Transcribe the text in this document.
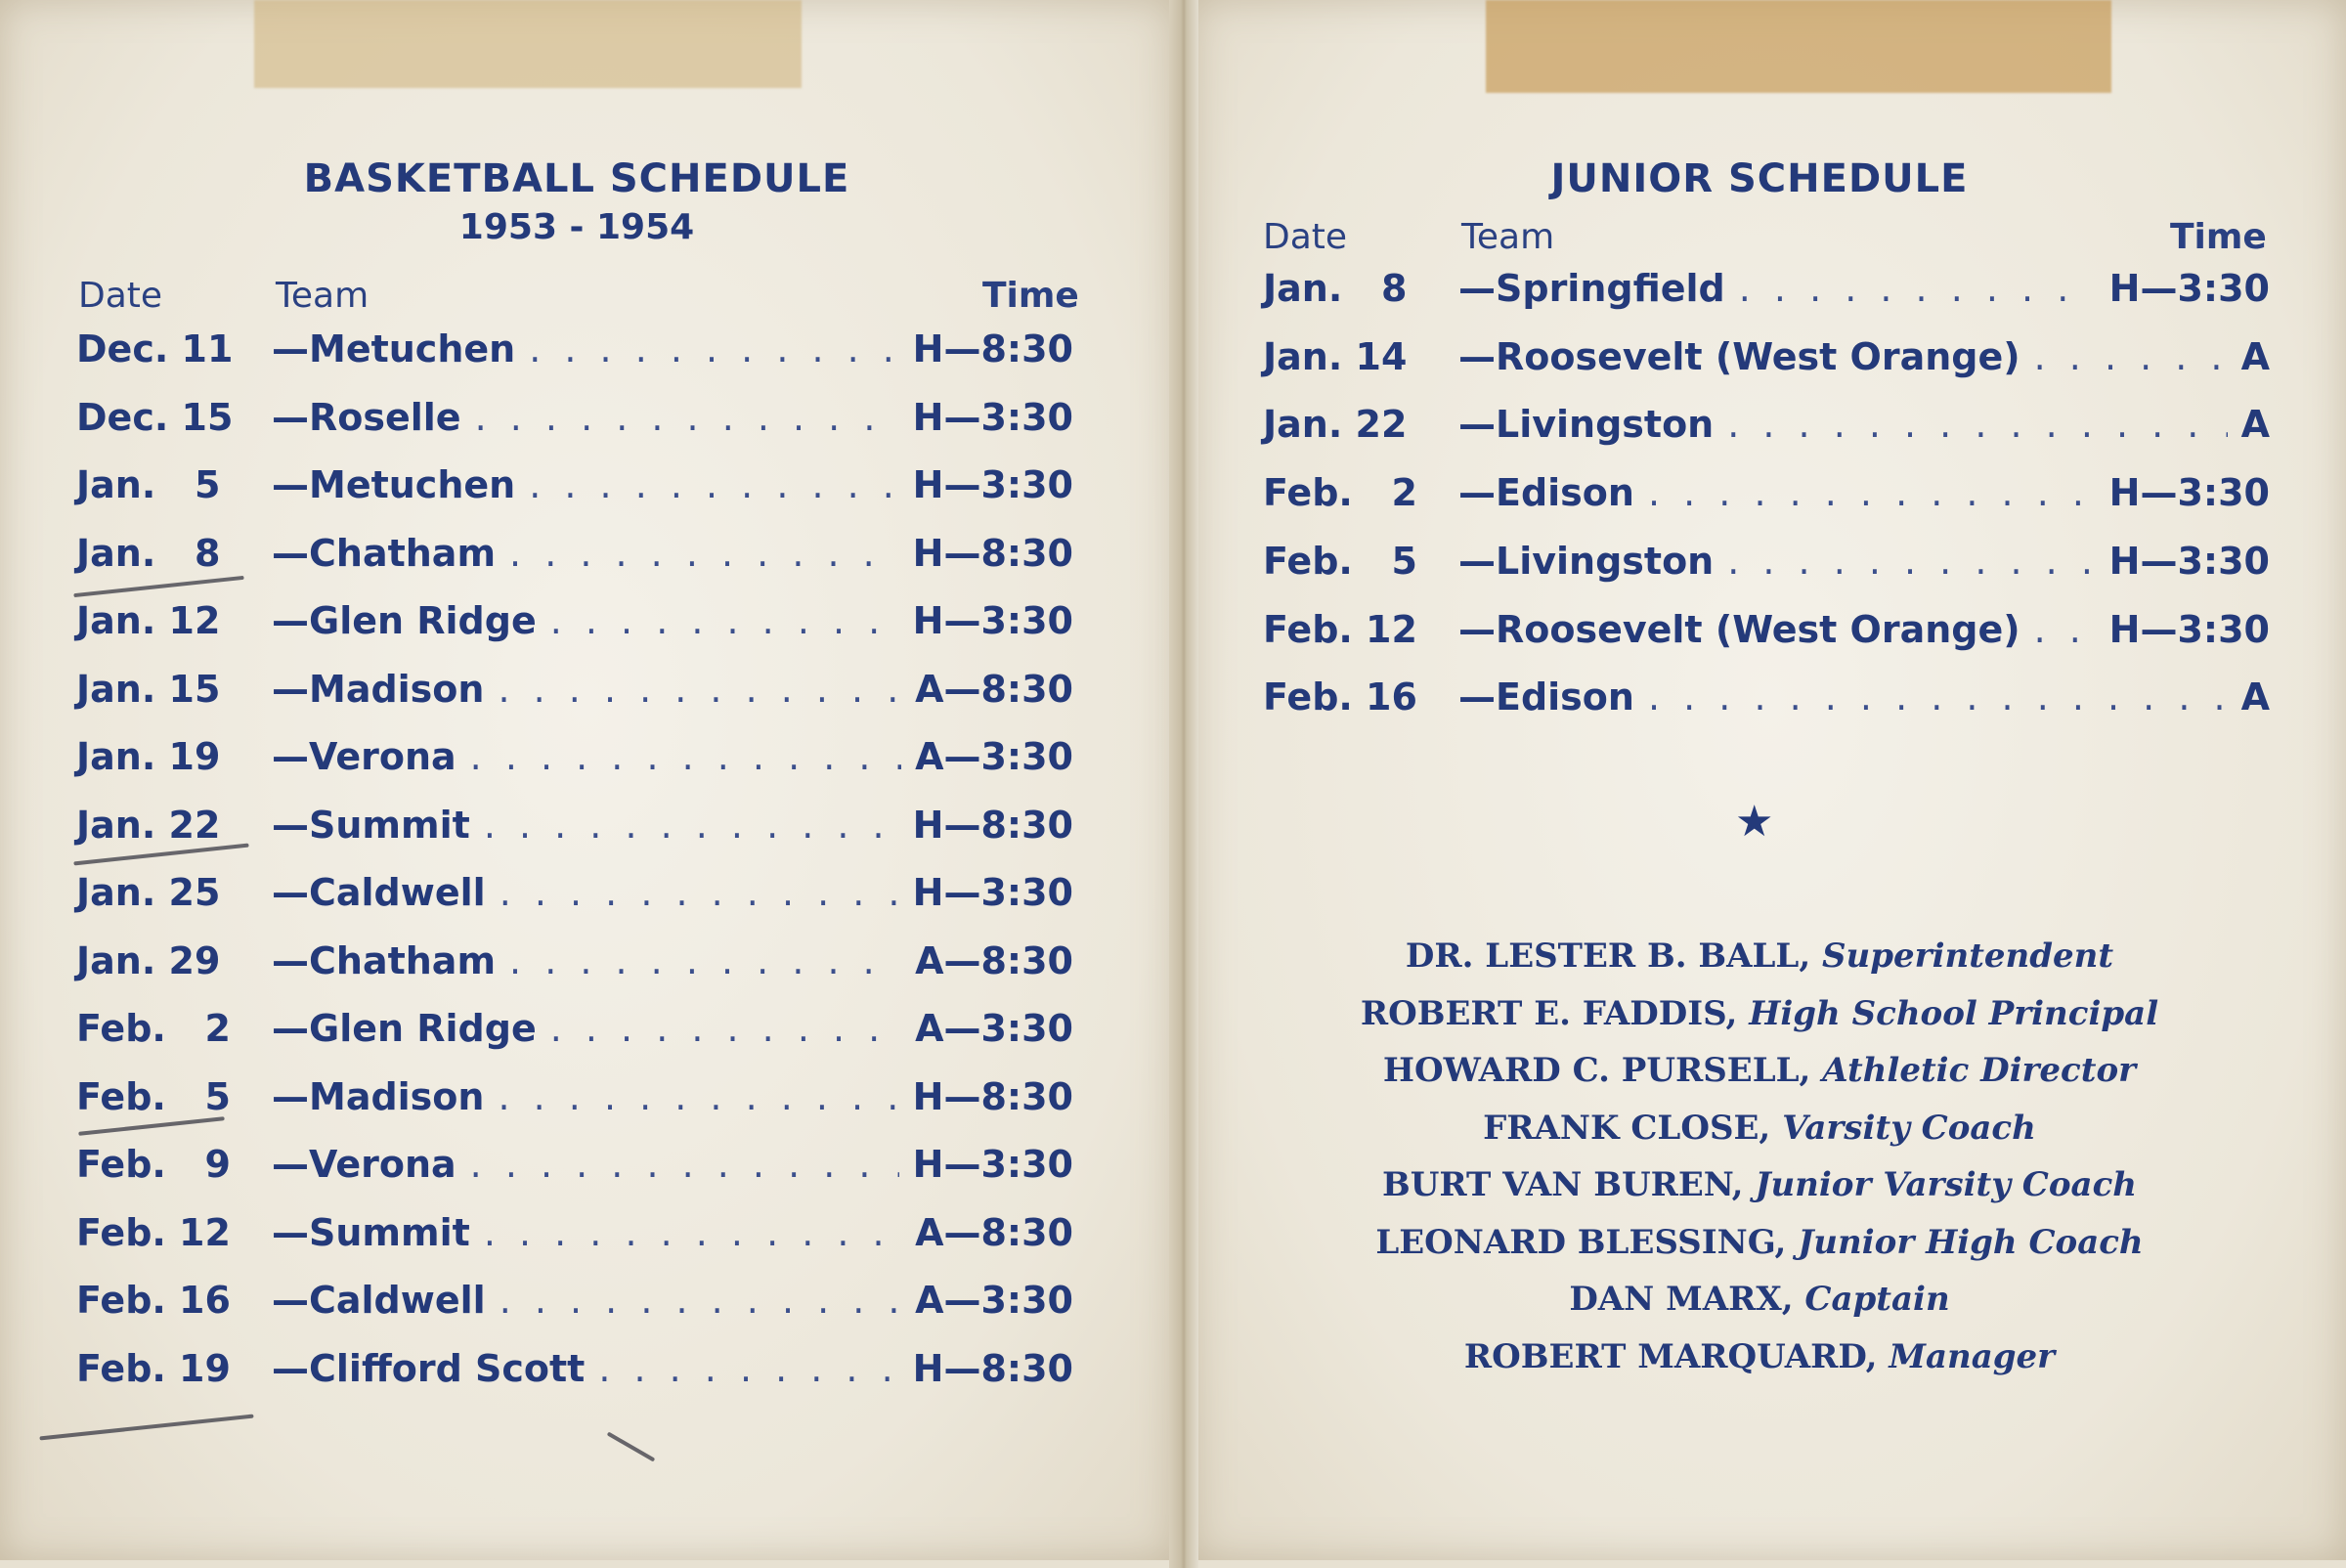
BASKETBALL SCHEDULE
1953 - 1954
Date	Team	Time
Dec. 11	—Metuchen . . .	H—8:30
Dec. 15	—Roselle . . .	H—3:30
Jan.   5	—Metuchen . . .	H—3:30
Jan.   8	—Chatham . . .	H—8:30
Jan. 12	—Glen Ridge . . .	H—3:30
Jan. 15	—Madison . . .	A—8:30
Jan. 19	—Verona . . .	A—3:30
Jan. 22	—Summit . . .	H—8:30
Jan. 25	—Caldwell . . .	H—3:30
Jan. 29	—Chatham . . .	A—8:30
Feb.   2	—Glen Ridge . . .	A—3:30
Feb.   5	—Madison . . .	H—8:30
Feb.   9	—Verona . . .	H—3:30
Feb. 12	—Summit . . .	A—8:30
Feb. 16	—Caldwell . . .	A—3:30
Feb. 19	—Clifford Scott . . .	H—8:30
JUNIOR SCHEDULE
Date	Team	Time
Jan.   8	—Springfield . . .	H—3:30
Jan. 14	—Roosevelt (West Orange) . . .	A
Jan. 22	—Livingston . . .	A
Feb.   2	—Edison . . .	H—3:30
Feb.   5	—Livingston . . .	H—3:30
Feb. 12	—Roosevelt (West Orange) . . . H—3:30
Feb. 16	—Edison . . .	A
★
DR. LESTER B. BALL, Superintendent
ROBERT E. FADDIS, High School Principal
HOWARD C. PURSELL, Athletic Director
FRANK CLOSE, Varsity Coach
BURT VAN BUREN, Junior Varsity Coach
LEONARD BLESSING, Junior High Coach
DAN MARX, Captain
ROBERT MARQUARD, Manager
